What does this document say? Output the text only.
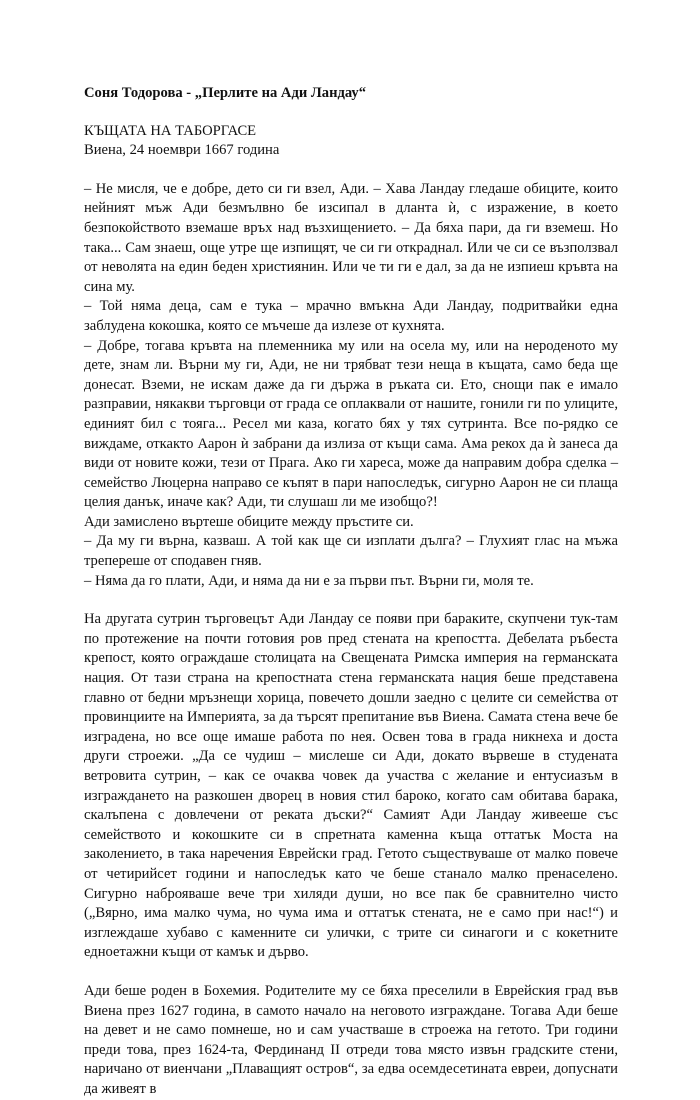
Соня Тодорова - „Перлите на Ади Ландау“

КЪЩАТА НА ТАБОРГАСЕ

Виена, 24 ноември 1667 година

– Не мисля, че е добре, дето си ги взел, Ади. – Хава Ландау гледаше обиците, които нейният мъж Ади безмълвно бе изсипал в дланта ѝ, с изражение, в което безпокойството вземаше връх над възхищението. – Да бяха пари, да ги вземеш. Но така... Сам знаеш, още утре ще изпищят, че си ги откраднал. Или че си се възползвал от неволята на един беден християнин. Или че ти ги е дал, за да не изпиеш кръвта на сина му.

– Той няма деца, сам е тука – мрачно вмъкна Ади Ландау, подритвайки една заблудена кокошка, която се мъчеше да излезе от кухнята.

– Добре, тогава кръвта на племенника му или на осела му, или на нероденото му дете, знам ли. Върни му ги, Ади, не ни трябват тези неща в къщата, само беда ще донесат. Вземи, не искам даже да ги държа в ръката си. Ето, снощи пак е имало разправии, някакви търговци от града се оплаквали от нашите, гонили ги по улиците, единият бил с тояга... Ресел ми каза, когато бях у тях сутринта. Все по-рядко се виждаме, откакто Аарон ѝ забрани да излиза от къщи сама. Ама рекох да ѝ занеса да види от новите кожи, тези от Прага. Ако ги хареса, може да направим добра сделка – семейство Люцерна направо се къпят в пари напоследък, сигурно Аарон не си плаща целия данък, иначе как? Ади, ти слушаш ли ме изобщо?!

Ади замислено въртеше обиците между пръстите си.

– Да му ги върна, казваш. А той как ще си изплати дълга? – Глухият глас на мъжа трепереше от сподавен гняв.

– Няма да го плати, Ади, и няма да ни е за първи път. Върни ги, моля те.

На другата сутрин търговецът Ади Ландау се появи при бараките, скупчени тук-там по протежение на почти готовия ров пред стената на крепостта. Дебелата ръбеста крепост, която ограждаше столицата на Свещената Римска империя на германската нация. От тази страна на крепостната стена германската нация беше представена главно от бедни мръзнещи хорица, повечето дошли заедно с целите си семейства от провинциите на Империята, за да търсят препитание във Виена. Самата стена вече бе изградена, но все още имаше работа по нея. Освен това в града никнеха и доста други строежи. „Да се чудиш – мислеше си Ади, докато вървеше в студената ветровита сутрин, – как се очаква човек да участва с желание и ентусиазъм в изграждането на разкошен дворец в новия стил бароко, когато сам обитава барака, скалъпена с довлечени от реката дъски?“ Самият Ади Ландау живееше със семейството и кокошките си в спретната каменна къща оттатък Моста на заколението, в така наречения Еврейски град. Гетото съществуваше от малко повече от четирийсет години и напоследък като че беше станало малко пренаселено. Сигурно наброяваше вече три хиляди души, но все пак бе сравнително чисто („Вярно, има малко чума, но чума има и оттатък стената, не е само при нас!“) и изглеждаше хубаво с каменните си улички, с трите си синагоги и с кокетните едноетажни къщи от камък и дърво.

Ади беше роден в Бохемия. Родителите му се бяха преселили в Еврейския град във Виена през 1627 година, в самото начало на неговото изграждане. Тогава Ади беше на девет и не само помнеше, но и сам участваше в строежа на гетото. Три години преди това, през 1624-та, Фердинанд II отреди това място извън градските стени, наричано от виенчани „Плаващият остров“, за едва осемдесетината евреи, допуснати да живеят в
